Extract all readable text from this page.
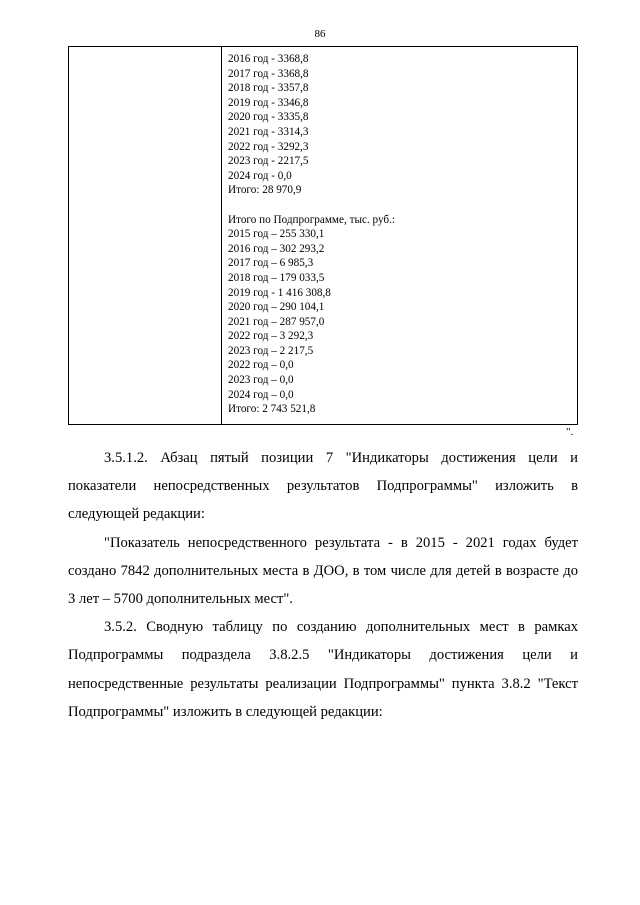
86
2016 год - 3368,8
2017 год - 3368,8
2018 год - 3357,8
2019 год - 3346,8
2020 год - 3335,8
2021 год - 3314,3
2022 год - 3292,3
2023 год - 2217,5
2024 год - 0,0
Итого: 28 970,9
Итого по Подпрограмме, тыс. руб.:
2015 год – 255 330,1
2016 год – 302 293,2
2017 год – 6 985,3
2018 год – 179 033,5
2019 год - 1 416 308,8
2020 год – 290 104,1
2021 год – 287 957,0
2022 год – 3 292,3
2023 год – 2 217,5
2022 год – 0,0
2023 год – 0,0
2024 год – 0,0
Итого: 2 743 521,8
".

3.5.1.2. Абзац пятый позиции 7 "Индикаторы достижения цели и показатели непосредственных результатов Подпрограммы" изложить в следующей редакции:

"Показатель непосредственного результата - в 2015 - 2021 годах будет создано 7842 дополнительных места в ДОО, в том числе для детей в возрасте до 3 лет – 5700 дополнительных мест".

3.5.2. Сводную таблицу по созданию дополнительных мест в рамках Подпрограммы подраздела 3.8.2.5 "Индикаторы достижения цели и непосредственные результаты реализации Подпрограммы" пункта 3.8.2 "Текст Подпрограммы" изложить в следующей редакции:
